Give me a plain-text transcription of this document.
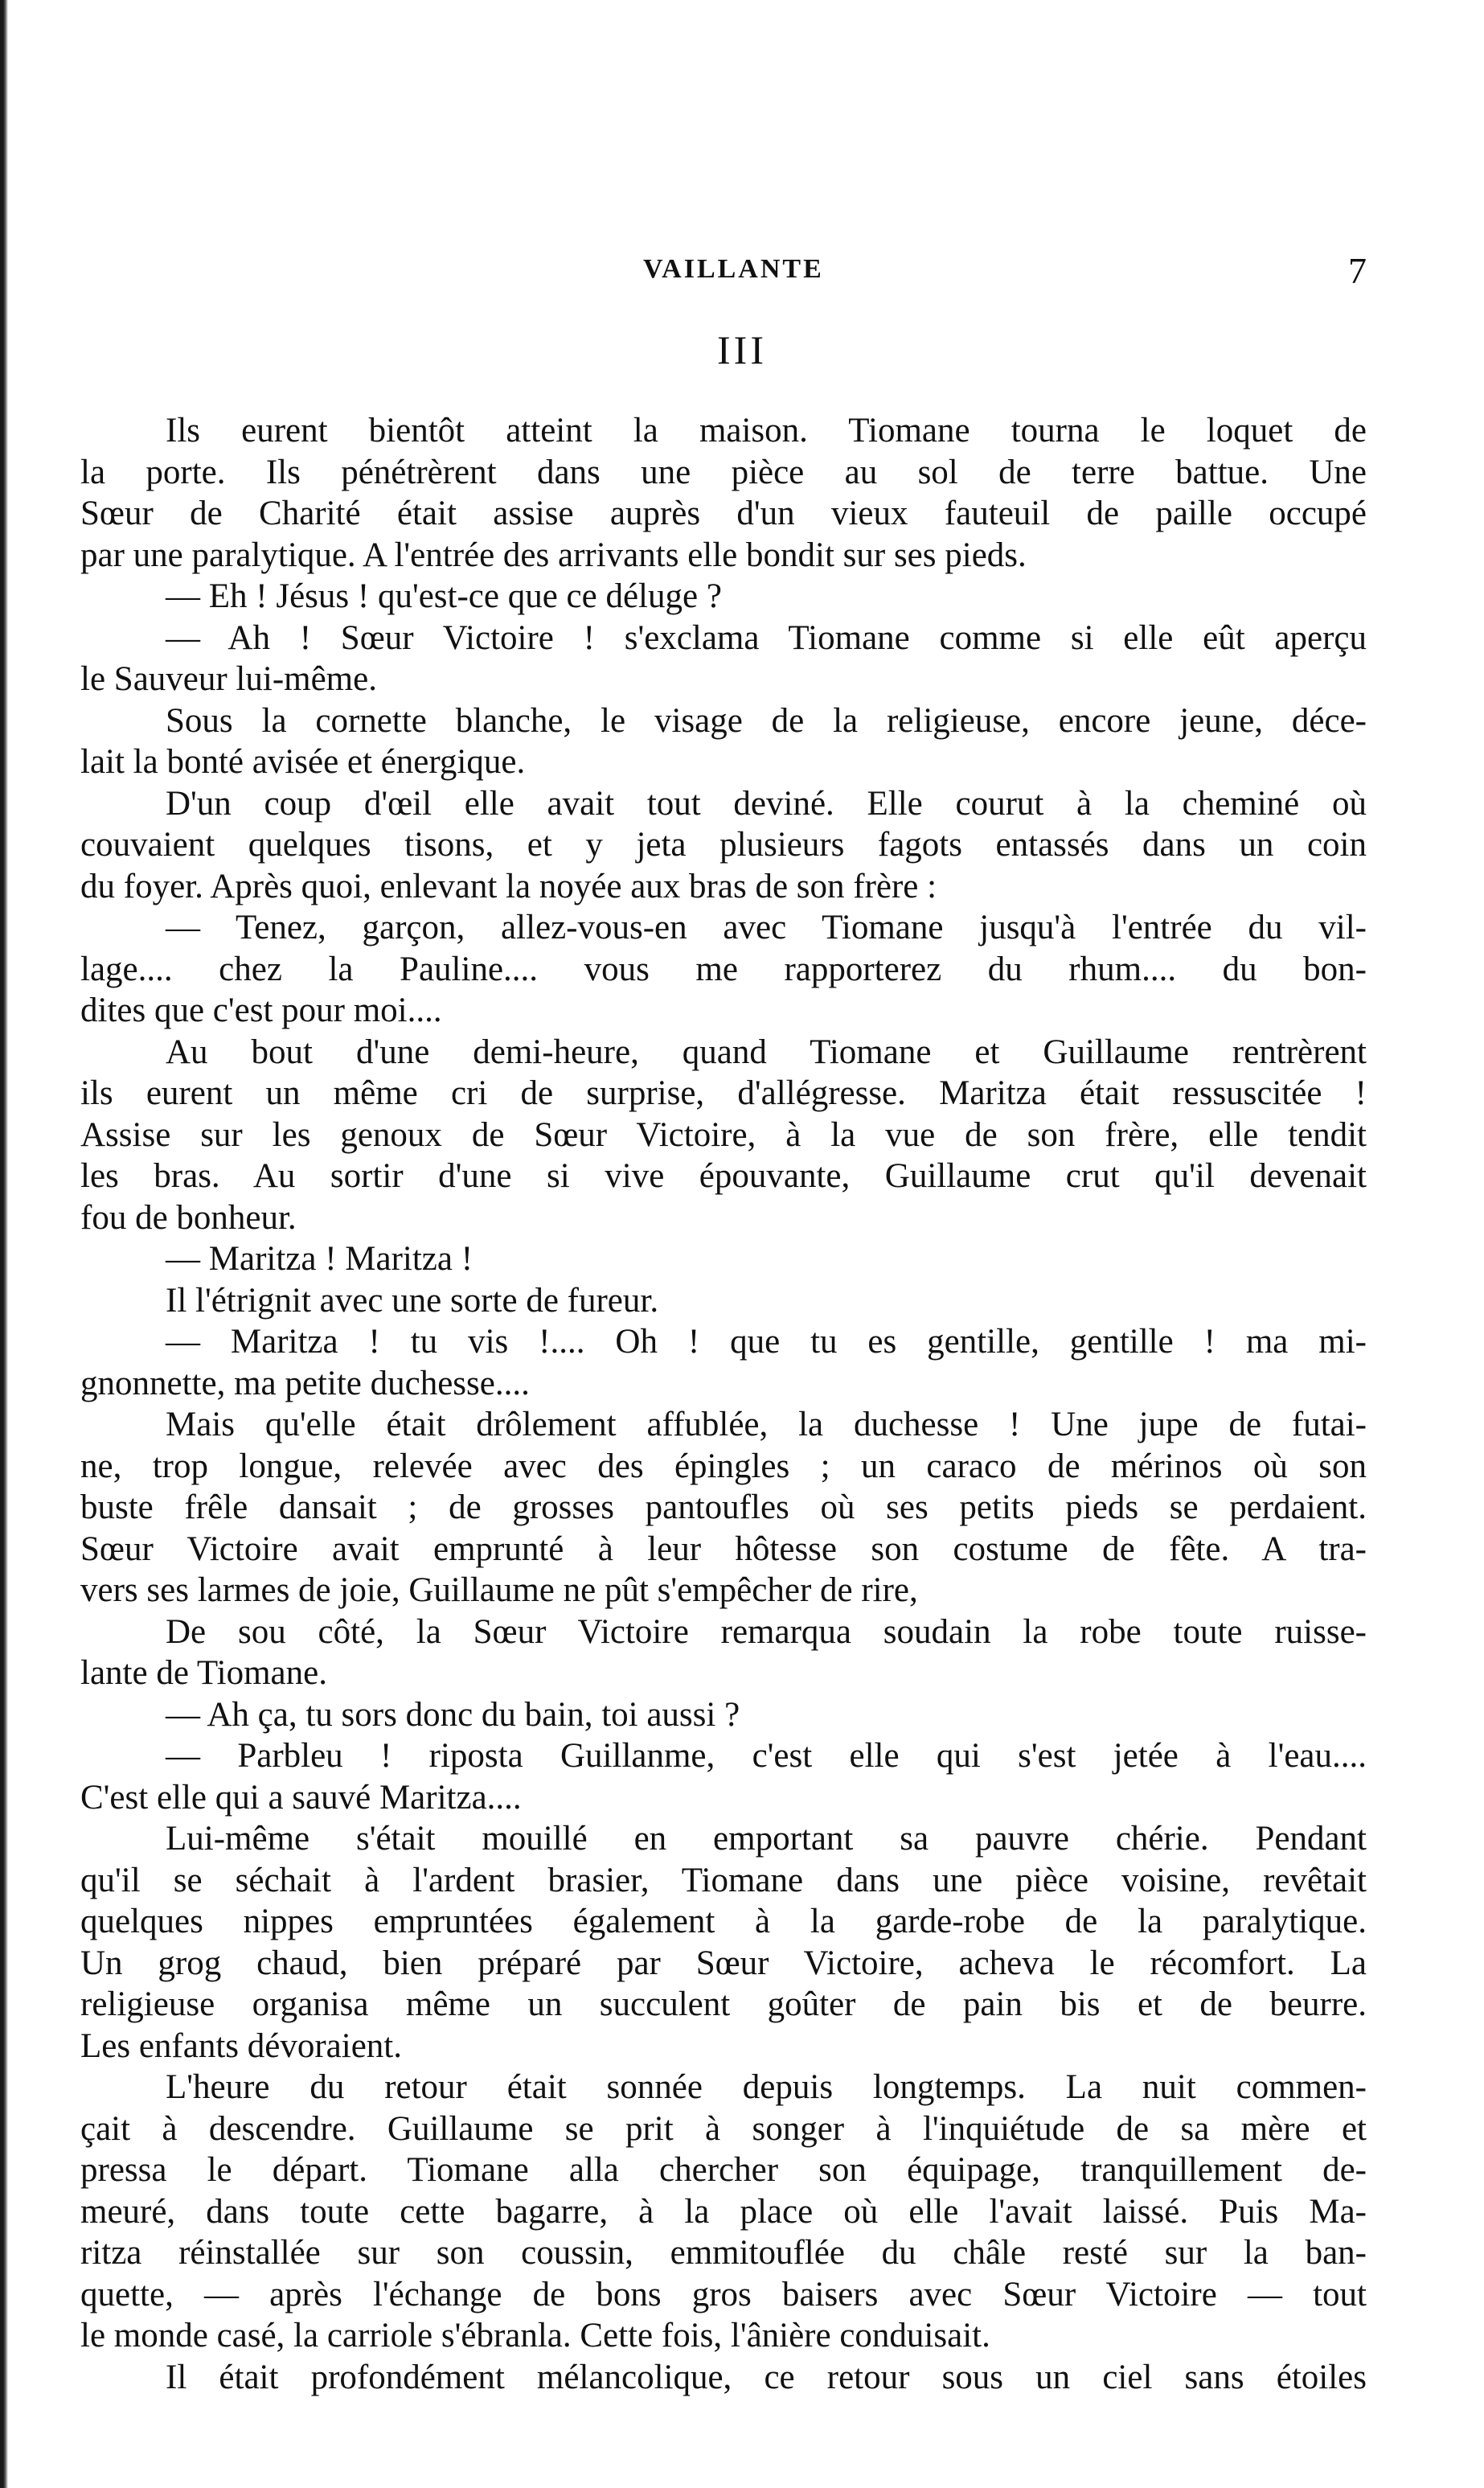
VAILLANTE	7
III
Ils eurent bientôt atteint la maison. Tiomane tourna le loquet de
la porte. Ils pénétrèrent dans une pièce au sol de terre battue. Une
Sœur de Charité était assise auprès d'un vieux fauteuil de paille occupé
par une paralytique. A l'entrée des arrivants elle bondit sur ses pieds.
— Eh ! Jésus ! qu'est-ce que ce déluge ?
— Ah ! Sœur Victoire ! s'exclama Tiomane comme si elle eût aperçu
le Sauveur lui-même.
Sous la cornette blanche, le visage de la religieuse, encore jeune, déce-
lait la bonté avisée et énergique.
D'un coup d'œil elle avait tout deviné. Elle courut à la cheminé où
couvaient quelques tisons, et y jeta plusieurs fagots entassés dans un coin
du foyer. Après quoi, enlevant la noyée aux bras de son frère :
— Tenez, garçon, allez-vous-en avec Tiomane jusqu'à l'entrée du vil-
lage.... chez la Pauline.... vous me rapporterez du rhum.... du bon-
dites que c'est pour moi....
Au bout d'une demi-heure, quand Tiomane et Guillaume rentrèrent
ils eurent un même cri de surprise, d'allégresse. Maritza était ressuscitée !
Assise sur les genoux de Sœur Victoire, à la vue de son frère, elle tendit
les bras. Au sortir d'une si vive épouvante, Guillaume crut qu'il devenait
fou de bonheur.
— Maritza ! Maritza !
Il l'étrignit avec une sorte de fureur.
— Maritza ! tu vis !.... Oh ! que tu es gentille, gentille ! ma mi-
gnonnette, ma petite duchesse....
Mais qu'elle était drôlement affublée, la duchesse ! Une jupe de futai-
ne, trop longue, relevée avec des épingles ; un caraco de mérinos où son
buste frêle dansait ; de grosses pantoufles où ses petits pieds se perdaient.
Sœur Victoire avait emprunté à leur hôtesse son costume de fête. A tra-
vers ses larmes de joie, Guillaume ne pût s'empêcher de rire,
De sou côté, la Sœur Victoire remarqua soudain la robe toute ruisse-
lante de Tiomane.
— Ah ça, tu sors donc du bain, toi aussi ?
— Parbleu ! riposta Guillanme, c'est elle qui s'est jetée à l'eau....
C'est elle qui a sauvé Maritza....
Lui-même s'était mouillé en emportant sa pauvre chérie. Pendant
qu'il se séchait à l'ardent brasier, Tiomane dans une pièce voisine, revêtait
quelques nippes empruntées également à la garde-robe de la paralytique.
Un grog chaud, bien préparé par Sœur Victoire, acheva le récomfort. La
religieuse organisa même un succulent goûter de pain bis et de beurre.
Les enfants dévoraient.
L'heure du retour était sonnée depuis longtemps. La nuit commen-
çait à descendre. Guillaume se prit à songer à l'inquiétude de sa mère et
pressa le départ. Tiomane alla chercher son équipage, tranquillement de-
meuré, dans toute cette bagarre, à la place où elle l'avait laissé. Puis Ma-
ritza réinstallée sur son coussin, emmitouflée du châle resté sur la ban-
quette, — après l'échange de bons gros baisers avec Sœur Victoire — tout
le monde casé, la carriole s'ébranla. Cette fois, l'ânière conduisait.
Il était profondément mélancolique, ce retour sous un ciel sans étoiles
